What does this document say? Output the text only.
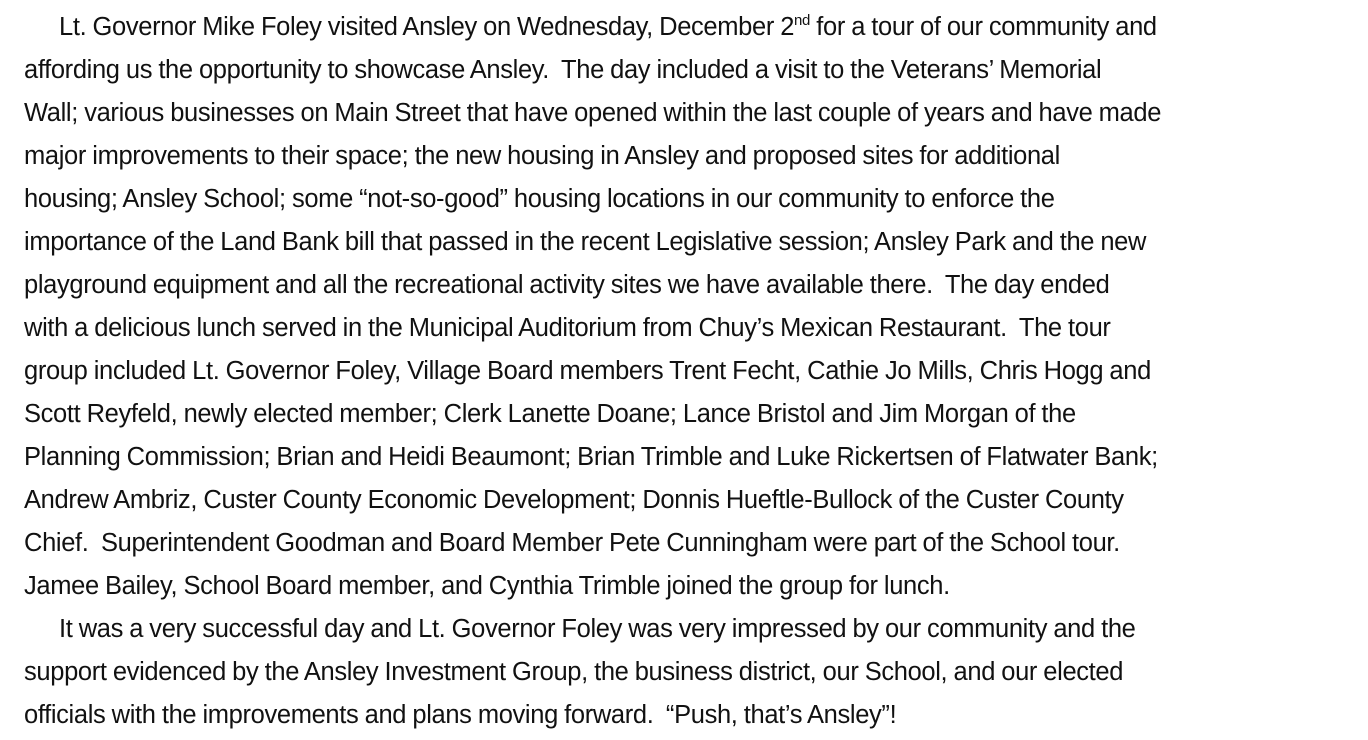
Lt. Governor Mike Foley visited Ansley on Wednesday, December 2nd for a tour of our community and
affording us the opportunity to showcase Ansley.  The day included a visit to the Veterans’ Memorial
Wall; various businesses on Main Street that have opened within the last couple of years and have made
major improvements to their space; the new housing in Ansley and proposed sites for additional
housing; Ansley School; some “not-so-good” housing locations in our community to enforce the
importance of the Land Bank bill that passed in the recent Legislative session; Ansley Park and the new
playground equipment and all the recreational activity sites we have available there.  The day ended
with a delicious lunch served in the Municipal Auditorium from Chuy’s Mexican Restaurant.  The tour
group included Lt. Governor Foley, Village Board members Trent Fecht, Cathie Jo Mills, Chris Hogg and
Scott Reyfeld, newly elected member; Clerk Lanette Doane; Lance Bristol and Jim Morgan of the
Planning Commission; Brian and Heidi Beaumont; Brian Trimble and Luke Rickertsen of Flatwater Bank;
Andrew Ambriz, Custer County Economic Development; Donnis Hueftle-Bullock of the Custer County
Chief.  Superintendent Goodman and Board Member Pete Cunningham were part of the School tour.
Jamee Bailey, School Board member, and Cynthia Trimble joined the group for lunch.
It was a very successful day and Lt. Governor Foley was very impressed by our community and the
support evidenced by the Ansley Investment Group, the business district, our School, and our elected
officials with the improvements and plans moving forward.  “Push, that’s Ansley”!
